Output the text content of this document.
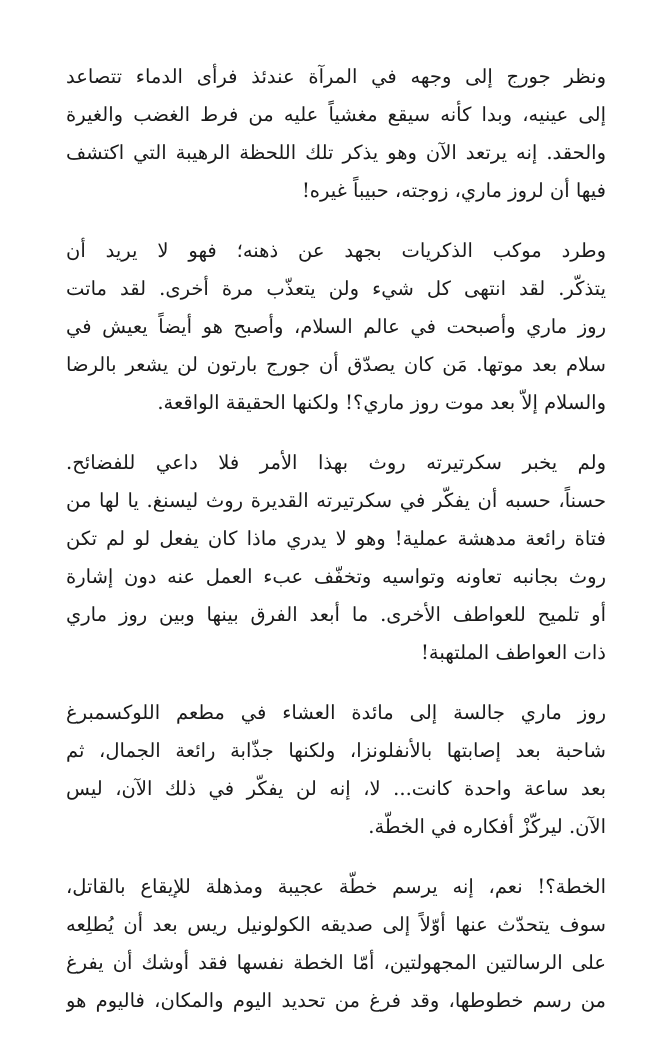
ونظر جورج إلى وجهه في المرآة عندئذ فرأى الدماء تتصاعد
إلى عينيه، وبدا كأنه سيقع مغشياً عليه من فرط الغضب والغيرة
والحقد. إنه يرتعد الآن وهو يذكر تلك اللحظة الرهيبة التي اكتشف
فيها أن لروز ماري، زوجته، حبيباً غيره!
وطرد موكب الذكريات بجهد عن ذهنه؛ فهو لا يريد أن
يتذكّر. لقد انتهى كل شيء ولن يتعذّب مرة أخرى. لقد ماتت
روز ماري وأصبحت في عالم السلام، وأصبح هو أيضاً يعيش في
سلام بعد موتها. مَن كان يصدّق أن جورج بارتون لن يشعر بالرضا
والسلام إلاّ بعد موت روز ماري؟! ولكنها الحقيقة الواقعة.
ولم يخبر سكرتيرته روث بهذا الأمر فلا داعي للفضائح.
حسناً، حسبه أن يفكّر في سكرتيرته القديرة روث ليسنغ. يا لها من
فتاة رائعة مدهشة عملية! وهو لا يدري ماذا كان يفعل لو لم تكن
روث بجانبه تعاونه وتواسيه وتخفّف عبء العمل عنه دون إشارة
أو تلميح للعواطف الأخرى. ما أبعد الفرق بينها وبين روز ماري
ذات العواطف الملتهبة!
روز ماري جالسة إلى مائدة العشاء في مطعم اللوكسمبرغ
شاحبة بعد إصابتها بالأنفلونزا، ولكنها جذّابة رائعة الجمال، ثم
بعد ساعة واحدة كانت... لا، إنه لن يفكّر في ذلك الآن، ليس
الآن. ليركّزْ أفكاره في الخطّة.
الخطة؟! نعم، إنه يرسم خطّة عجيبة ومذهلة للإيقاع بالقاتل،
سوف يتحدّث عنها أوّلاً إلى صديقه الكولونيل ريس بعد أن يُطلِعه
على الرسالتين المجهولتين، أمّا الخطة نفسها فقد أوشك أن يفرغ
من رسم خطوطها، وقد فرغ من تحديد اليوم والمكان، فاليوم هو
